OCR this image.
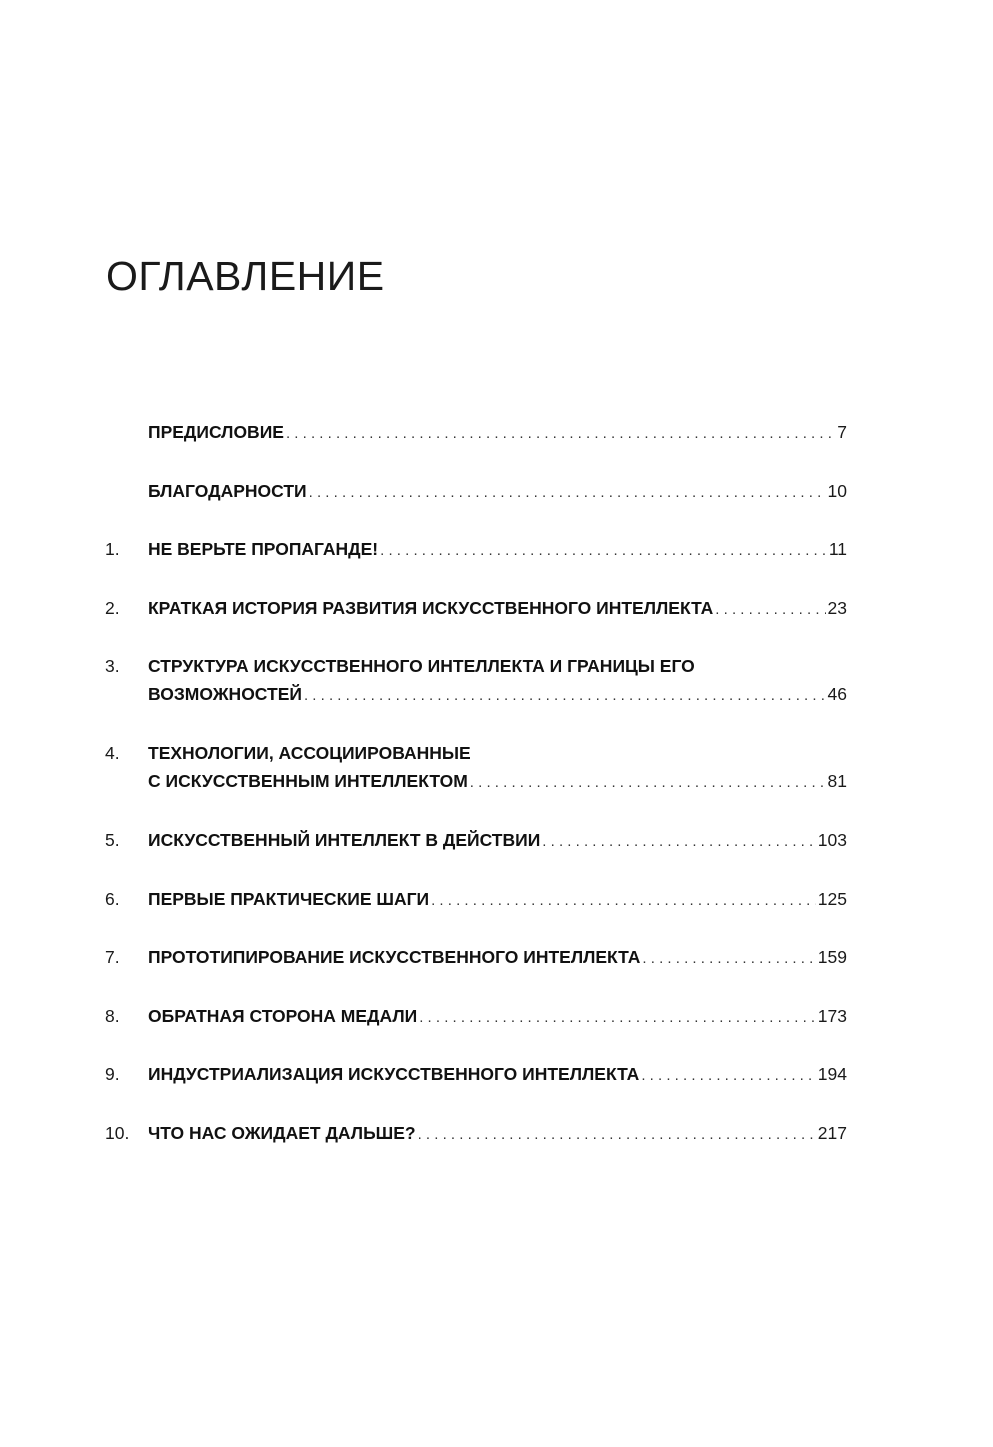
ОГЛАВЛЕНИЕ
ПРЕДИСЛОВИЕ . . .	7
БЛАГОДАРНОСТИ . . .	10
1. НЕ ВЕРЬТЕ ПРОПАГАНДЕ! . . .	11
2. КРАТКАЯ ИСТОРИЯ РАЗВИТИЯ ИСКУССТВЕННОГО ИНТЕЛЛЕКТА . . .	23
3. СТРУКТУРА ИСКУССТВЕННОГО ИНТЕЛЛЕКТА И ГРАНИЦЫ ЕГО
ВОЗМОЖНОСТЕЙ . . .	46
4. ТЕХНОЛОГИИ, АССОЦИИРОВАННЫЕ
С ИСКУССТВЕННЫМ ИНТЕЛЛЕКТОМ . . .	81
5. ИСКУССТВЕННЫЙ ИНТЕЛЛЕКТ В ДЕЙСТВИИ . . .	103
6. ПЕРВЫЕ ПРАКТИЧЕСКИЕ ШАГИ . . .	125
7. ПРОТОТИПИРОВАНИЕ ИСКУССТВЕННОГО ИНТЕЛЛЕКТА . . .	159
8. ОБРАТНАЯ СТОРОНА МЕДАЛИ . . .	173
9. ИНДУСТРИАЛИЗАЦИЯ ИСКУССТВЕННОГО ИНТЕЛЛЕКТА . . .	194
10. ЧТО НАС ОЖИДАЕТ ДАЛЬШЕ? . . .	217
